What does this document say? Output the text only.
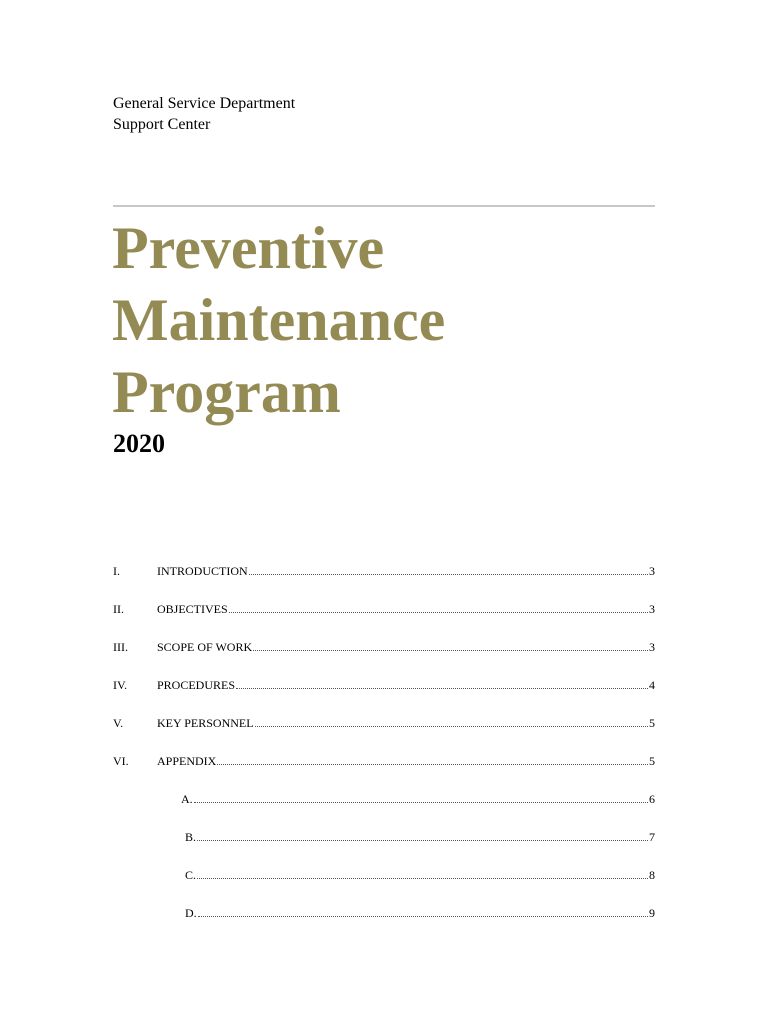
General Service Department
Support Center
Preventive
Maintenance
Program
2020
I.	INTRODUCTION	3
II.	OBJECTIVES	3
III.	SCOPE OF WORK	3
IV.	PROCEDURES	4
V.	KEY PERSONNEL	5
VI.	APPENDIX	5
A.	6
B.	7
C.	8
D.	9
